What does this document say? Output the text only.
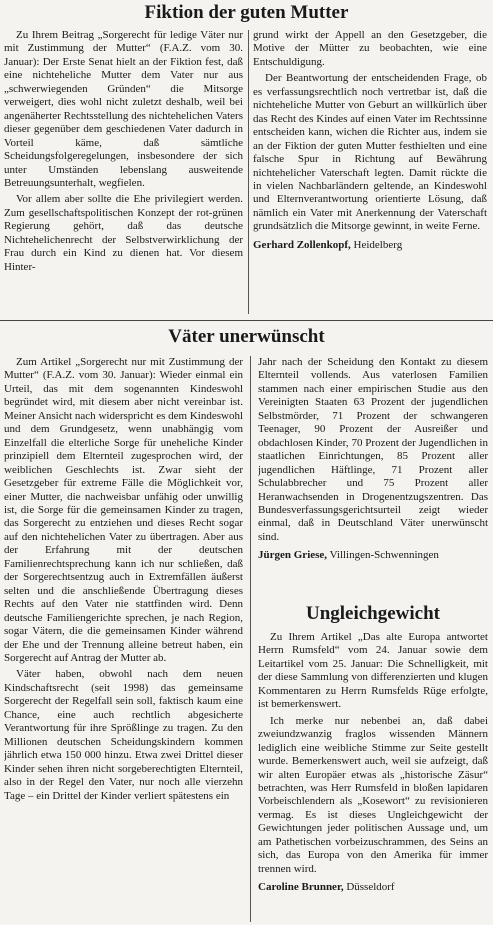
Fiktion der guten Mutter

Zu Ihrem Beitrag „Sorgerecht für ledige Väter nur mit Zustimmung der Mutter“ (F.A.Z. vom 30. Januar): Der Erste Senat hielt an der Fiktion fest, daß eine nichteheliche Mutter dem Vater nur aus „schwerwiegenden Gründen“ die Mitsorge verweigert, dies wohl nicht zuletzt deshalb, weil bei angenäherter Rechtsstellung des nichtehelichen Vaters dieser gegenüber dem geschiedenen Vater dadurch in Vorteil käme, daß sämtliche Scheidungsfolgeregelungen, insbesondere der sich unter Umständen lebenslang ausweitende Betreuungsunterhalt, wegfielen.

Vor allem aber sollte die Ehe privilegiert werden. Zum gesellschaftspolitischen Konzept der rot-grünen Regierung gehört, daß das deutsche Nichtehelichenrecht der Selbstverwirklichung der Frau durch ein Kind zu dienen hat. Vor diesem Hinter-

grund wirkt der Appell an den Gesetzgeber, die Motive der Mütter zu beobachten, wie eine Entschuldigung.

Der Beantwortung der entscheidenden Frage, ob es verfassungsrechtlich noch vertretbar ist, daß die nichteheliche Mutter von Geburt an willkürlich über das Recht des Kindes auf einen Vater im Rechtssinne entscheiden kann, wichen die Richter aus, indem sie an der Fiktion der guten Mutter festhielten und eine falsche Spur in Richtung auf Bewährung nichtehelicher Vaterschaft legten. Damit rückte die in vielen Nachbarländern geltende, an Kindeswohl und Elternverantwortung orientierte Lösung, daß nämlich ein Vater mit Anerkennung der Vaterschaft grundsätzlich die Mitsorge gewinnt, in weite Ferne.

Gerhard Zollenkopf, Heidelberg

Väter unerwünscht

Zum Artikel „Sorgerecht nur mit Zustimmung der Mutter“ (F.A.Z. vom 30. Januar): Wieder einmal ein Urteil, das mit dem sogenannten Kindeswohl begründet wird, mit diesem aber nicht vereinbar ist. Meiner Ansicht nach widerspricht es dem Kindeswohl und dem Grundgesetz, wenn unabhängig vom Einzelfall die elterliche Sorge für uneheliche Kinder prinzipiell dem Elternteil zugesprochen wird, der weiblichen Geschlechts ist. Zwar sieht der Gesetzgeber für extreme Fälle die Möglichkeit vor, einer Mutter, die nachweisbar unfähig oder unwillig ist, die Sorge für die gemeinsamen Kinder zu tragen, das Sorgerecht zu entziehen und dieses Recht sogar auf den nichtehelichen Vater zu übertragen. Aber aus der Erfahrung mit der deutschen Familienrechtsprechung kann ich nur schließen, daß der Sorgerechtsentzug auch in Extremfällen äußerst selten und die anschließende Übertragung dieses Rechts auf den Vater nie stattfinden wird. Denn deutsche Familiengerichte sprechen, je nach Region, sogar Vätern, die die gemeinsamen Kinder während der Ehe und der Trennung alleine betreut haben, ein Sorgerecht auf Antrag der Mutter ab.

Väter haben, obwohl nach dem neuen Kindschaftsrecht (seit 1998) das gemeinsame Sorgerecht der Regelfall sein soll, faktisch kaum eine Chance, eine auch rechtlich abgesicherte Verantwortung für ihre Sprößlinge zu tragen. Zu den Millionen deutschen Scheidungskindern kommen jährlich etwa 150 000 hinzu. Etwa zwei Drittel dieser Kinder sehen ihren nicht sorgeberechtigten Elternteil, also in der Regel den Vater, nur noch alle vierzehn Tage – ein Drittel der Kinder verliert spätestens ein

Jahr nach der Scheidung den Kontakt zu diesem Elternteil vollends. Aus vaterlosen Familien stammen nach einer empirischen Studie aus den Vereinigten Staaten 63 Prozent der jugendlichen Selbstmörder, 71 Prozent der schwangeren Teenager, 90 Prozent der Ausreißer und obdachlosen Kinder, 70 Prozent der Jugendlichen in staatlichen Einrichtungen, 85 Prozent aller jugendlichen Häftlinge, 71 Prozent aller Schulabbrecher und 75 Prozent aller Heranwachsenden in Drogenentzugszentren. Das Bundesverfassungsgerichtsurteil zeigt wieder einmal, daß in Deutschland Väter unerwünscht sind.

Jürgen Griese, Villingen-Schwenningen

Ungleichgewicht

Zu Ihrem Artikel „Das alte Europa antwortet Herrn Rumsfeld“ vom 24. Januar sowie dem Leitartikel vom 25. Januar: Die Schnelligkeit, mit der diese Sammlung von differenzierten und klugen Kommentaren zu Herrn Rumsfelds Rüge erfolgte, ist bemerkenswert.

Ich merke nur nebenbei an, daß dabei zweiundzwanzig fraglos wissenden Männern lediglich eine weibliche Stimme zur Seite gestellt wurde. Bemerkenswert auch, weil sie aufzeigt, daß wir alten Europäer etwas als „historische Zäsur“ betrachten, was Herr Rumsfeld in bloßen lapidaren Vorbeischlendern als „Kosewort“ zu revisionieren vermag. Es ist dieses Ungleichgewicht der Gewichtungen jeder politischen Aussage und, um am Pathetischen vorbeizuschrammen, des Seins an sich, das Europa von den Amerika für immer trennen wird.

Caroline Brunner, Düsseldorf
